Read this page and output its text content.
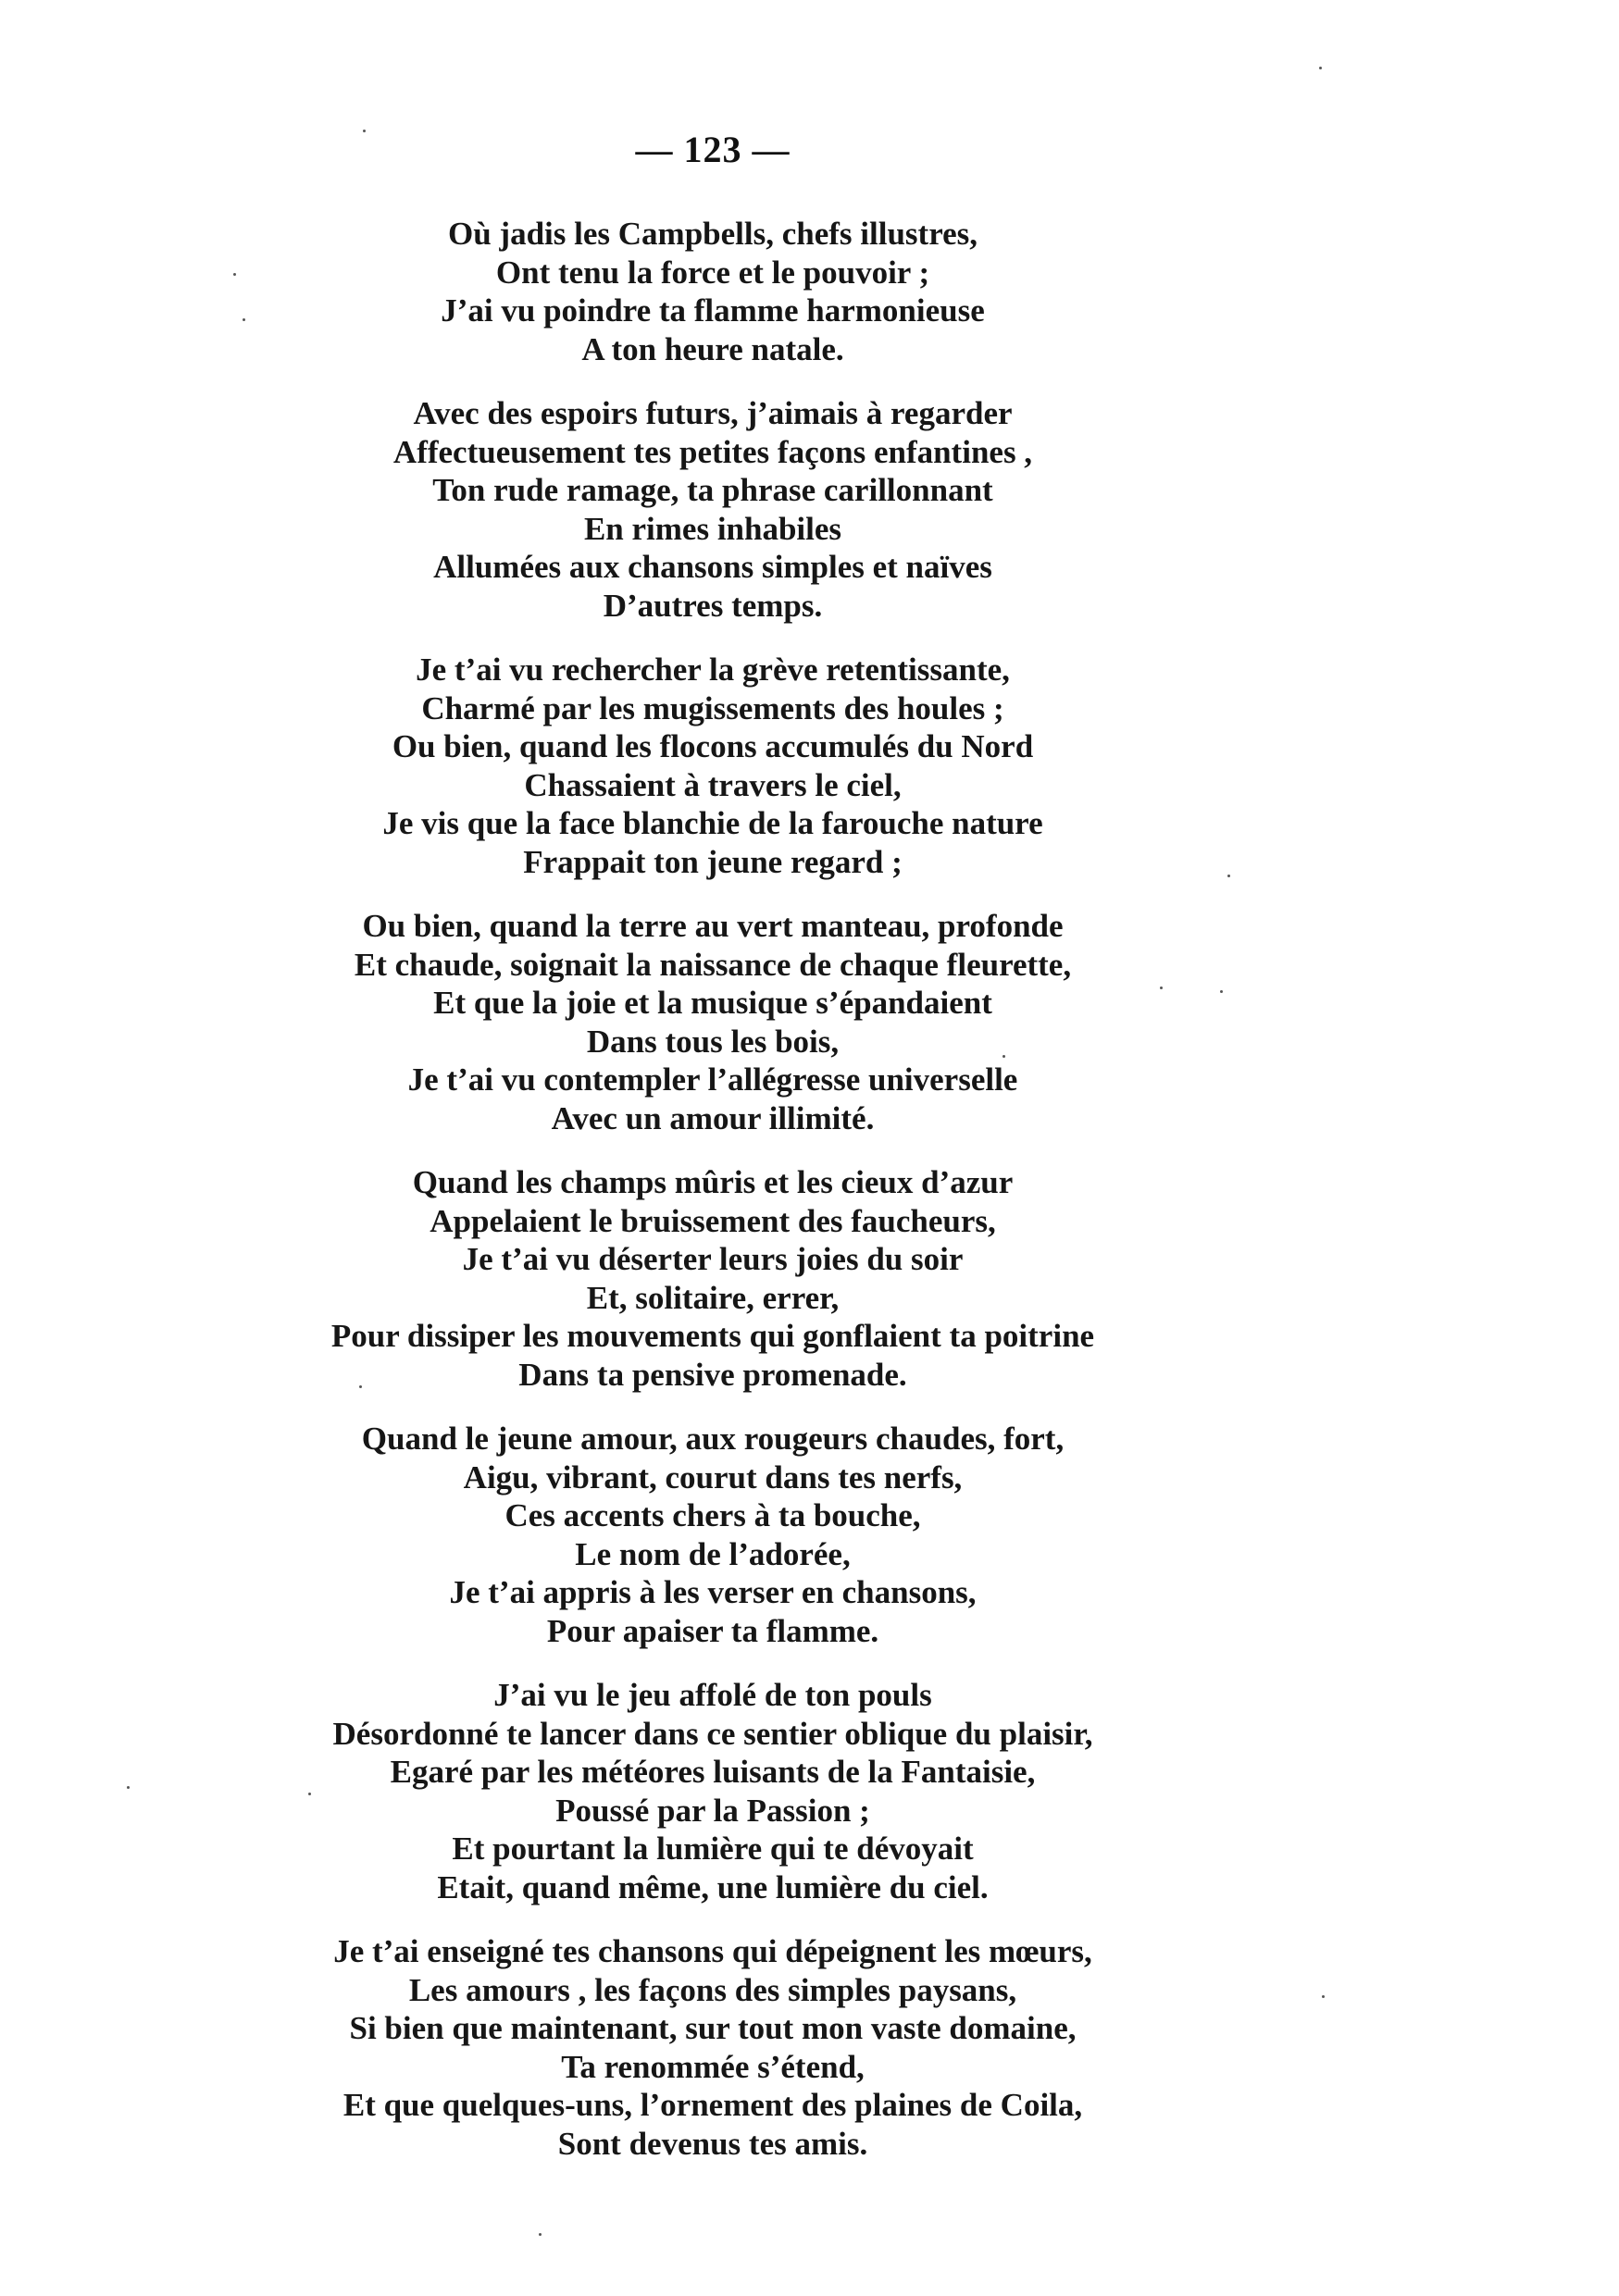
— 123 —
Où jadis les Campbells, chefs illustres,
Ont tenu la force et le pouvoir ;
J’ai vu poindre ta flamme harmonieuse
A ton heure natale.
Avec des espoirs futurs, j’aimais à regarder
Affectueusement tes petites façons enfantines ,
Ton rude ramage, ta phrase carillonnant
En rimes inhabiles
Allumées aux chansons simples et naïves
D’autres temps.
Je t’ai vu rechercher la grève retentissante,
Charmé par les mugissements des houles ;
Ou bien, quand les flocons accumulés du Nord
Chassaient à travers le ciel,
Je vis que la face blanchie de la farouche nature
Frappait ton jeune regard ;
Ou bien, quand la terre au vert manteau, profonde
Et chaude, soignait la naissance de chaque fleurette,
Et que la joie et la musique s’épandaient
Dans tous les bois,
Je t’ai vu contempler l’allégresse universelle
Avec un amour illimité.
Quand les champs mûris et les cieux d’azur
Appelaient le bruissement des faucheurs,
Je t’ai vu déserter leurs joies du soir
Et, solitaire, errer,
Pour dissiper les mouvements qui gonflaient ta poitrine
Dans ta pensive promenade.
Quand le jeune amour, aux rougeurs chaudes, fort,
Aigu, vibrant, courut dans tes nerfs,
Ces accents chers à ta bouche,
Le nom de l’adorée,
Je t’ai appris à les verser en chansons,
Pour apaiser ta flamme.
J’ai vu le jeu affolé de ton pouls
Désordonné te lancer dans ce sentier oblique du plaisir,
Egaré par les météores luisants de la Fantaisie,
Poussé par la Passion ;
Et pourtant la lumière qui te dévoyait
Etait, quand même, une lumière du ciel.
Je t’ai enseigné tes chansons qui dépeignent les mœurs,
Les amours , les façons des simples paysans,
Si bien que maintenant, sur tout mon vaste domaine,
Ta renommée s’étend,
Et que quelques-uns, l’ornement des plaines de Coila,
Sont devenus tes amis.
